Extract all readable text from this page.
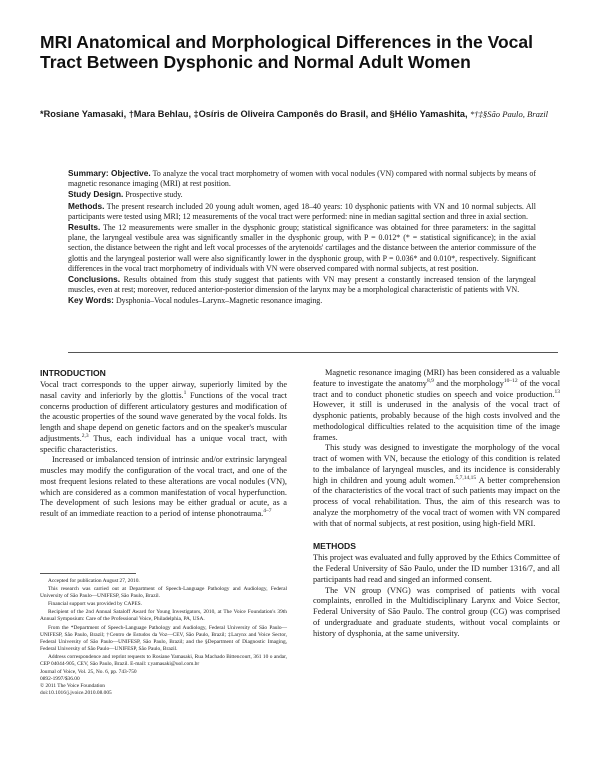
MRI Anatomical and Morphological Differences in the Vocal Tract Between Dysphonic and Normal Adult Women
*Rosiane Yamasaki, †Mara Behlau, ‡Osíris de Oliveira Camponês do Brasil, and §Hélio Yamashita, *†‡§São Paulo, Brazil

Summary: Objective. To analyze the vocal tract morphometry of women with vocal nodules (VN) compared with normal subjects by means of magnetic resonance imaging (MRI) at rest position.

Study Design. Prospective study.

Methods. The present research included 20 young adult women, aged 18–40 years: 10 dysphonic patients with VN and 10 normal subjects. All participants were tested using MRI; 12 measurements of the vocal tract were performed: nine in median sagittal section and three in axial section.

Results. The 12 measurements were smaller in the dysphonic group; statistical significance was obtained for three parameters: in the sagittal plane, the laryngeal vestibule area was significantly smaller in the dysphonic group, with P = 0.012* (* = statistical significance); in the axial section, the distance between the right and left vocal processes of the arytenoids' cartilages and the distance between the anterior commissure of the glottis and the laryngeal posterior wall were also significantly lower in the dysphonic group, with P = 0.036* and 0.010*, respectively. Significant differences in the vocal tract morphometry of individuals with VN were observed compared with normal subjects, at rest position.

Conclusions. Results obtained from this study suggest that patients with VN may present a constantly increased tension of the laryngeal muscles, even at rest; moreover, reduced anterior-posterior dimension of the larynx may be a morphological characteristic of patients with VN.

Key Words: Dysphonia–Vocal nodules–Larynx–Magnetic resonance imaging.

INTRODUCTION

Vocal tract corresponds to the upper airway, superiorly limited by the nasal cavity and inferiorly by the glottis.$^1$ Functions of the vocal tract concerns production of different articulatory gestures and modification of the acoustic properties of the sound wave generated by the vocal folds. Its length and shape depend on genetic factors and on the speaker's muscular adjustments.$^{2,3}$ Thus, each individual has a unique vocal tract, with specific characteristics.

Increased or imbalanced tension of intrinsic and/or extrinsic laryngeal muscles may modify the configuration of the vocal tract, and one of the most frequent lesions related to these alterations are vocal nodules (VN), which are considered as a common manifestation of vocal hyperfunction. The development of such lesions may be either gradual or acute, as a result of an immediate reaction to a period of intense phonotrauma.$^{4-7}$

Accepted for publication August 27, 2010.

This research was carried out at Department of Speech-Language Pathology and Audiology, Federal University of São Paulo—UNIFESP, São Paulo, Brazil.

Financial support was provided by CAPES.

Recipient of the 2nd Annual Sataloff Award for Young Investigators, 2010, at The Voice Foundation's 39th Annual Symposium: Care of the Professional Voice, Philadelphia, PA, USA.

From the *Department of Speech-Language Pathology and Audiology, Federal University of São Paulo—UNIFESP, São Paulo, Brazil; †Centro de Estudos da Voz—CEV, São Paulo, Brazil; ‡Larynx and Voice Sector, Federal University of São Paulo—UNIFESP, São Paulo, Brazil; and the §Department of Diagnostic Imaging, Federal University of São Paulo—UNIFESP, São Paulo, Brazil.

Address correspondence and reprint requests to Rosiane Yamasaki, Rua Machado Bittencourt, 361 10 o andar, CEP 04044-905, CEV, São Paulo, Brazil. E-mail: r.yamasaki@uol.com.br

Journal of Voice, Vol. 25, No. 6, pp. 743-750

0892-1997/$36.00

© 2011 The Voice Foundation

doi:10.1016/j.jvoice.2010.08.005

Magnetic resonance imaging (MRI) has been considered as a valuable feature to investigate the anatomy$^{8,9}$ and the morphology$^{10-12}$ of the vocal tract and to conduct phonetic studies on speech and voice production.$^{13}$ However, it still is underused in the analysis of the vocal tract of dysphonic patients, probably because of the high costs involved and the methodological difficulties related to the acquisition time of the image frames.

This study was designed to investigate the morphology of the vocal tract of women with VN, because the etiology of this condition is related to the imbalance of laryngeal muscles, and its incidence is considerably high in children and young adult women.$^{5,7,14,15}$ A better comprehension of the characteristics of the vocal tract of such patients may impact on the process of vocal rehabilitation. Thus, the aim of this research was to analyze the morphometry of the vocal tract of women with VN compared with that of normal subjects, at rest position, using high-field MRI.

METHODS

This project was evaluated and fully approved by the Ethics Committee of the Federal University of São Paulo, under the ID number 1316/7, and all participants had read and singed an informed consent.

The VN group (VNG) was comprised of patients with vocal complaints, enrolled in the Multidisciplinary Larynx and Voice Sector, Federal University of São Paulo. The control group (CG) was comprised of undergraduate and graduate students, without vocal complaints or history of dysphonia, at the same university.
